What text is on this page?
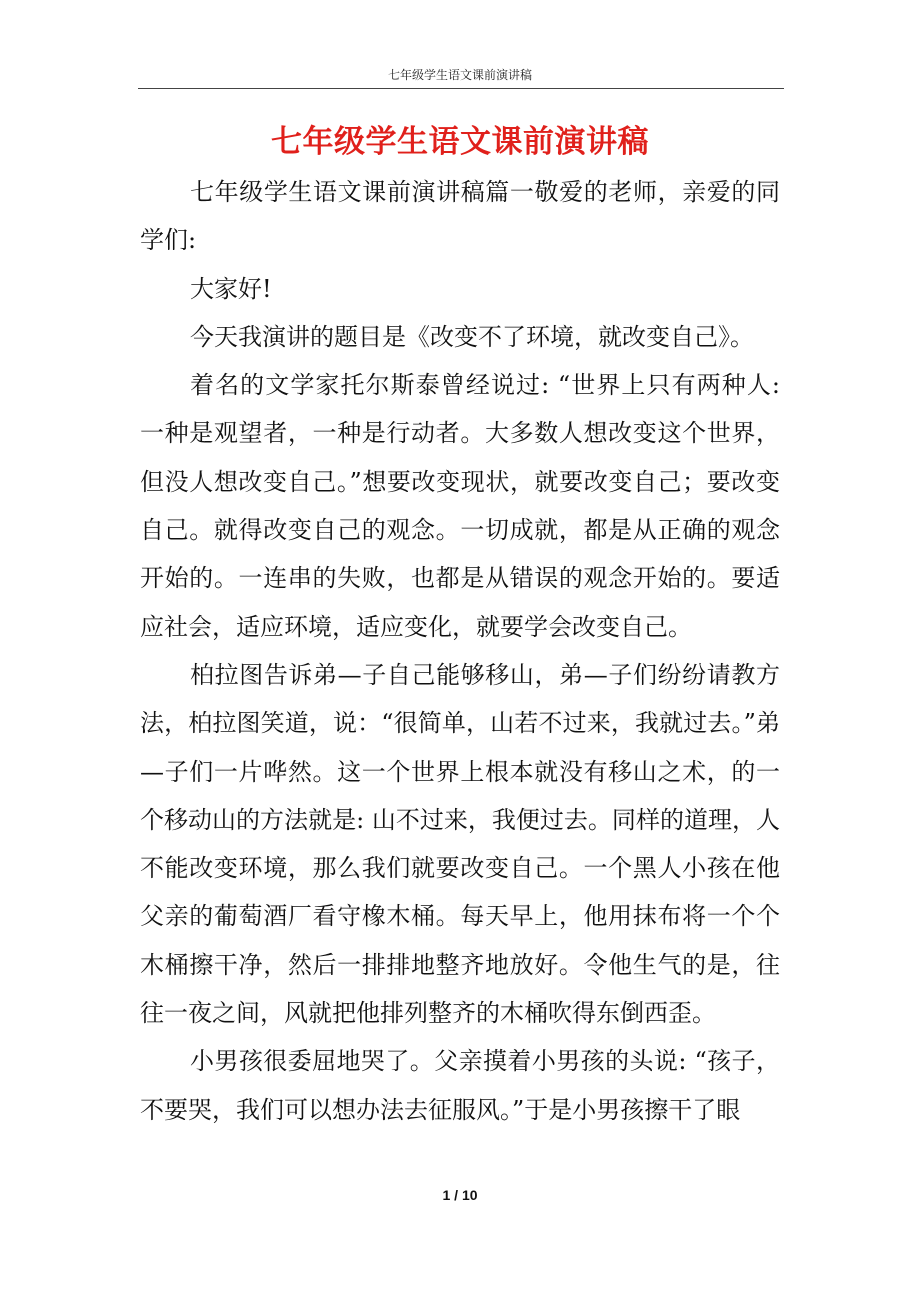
七年级学生语文课前演讲稿
七年级学生语文课前演讲稿

七年级学生语文课前演讲稿篇一敬爱的老师，亲爱的同学们:

大家好!

今天我演讲的题目是《改变不了环境，就改变自己》。

着名的文学家托尔斯泰曾经说过: “世界上只有两种人: 一种是观望者，一种是行动者。大多数人想改变这个世界，但没人想改变自己。”想要改变现状，就要改变自己；要改变自己。就得改变自己的观念。一切成就，都是从正确的观念开始的。一连串的失败，也都是从错误的观念开始的。要适应社会，适应环境，适应变化，就要学会改变自己。

柏拉图告诉弟—子自己能够移山，弟—子们纷纷请教方法，柏拉图笑道，说：“很简单，山若不过来，我就过去。”弟—子们一片哗然。这一个世界上根本就没有移山之术，的一个移动山的方法就是: 山不过来，我便过去。同样的道理，人不能改变环境，那么我们就要改变自己。一个黑人小孩在他父亲的葡萄酒厂看守橡木桶。每天早上，他用抹布将一个个木桶擦干净，然后一排排地整齐地放好。令他生气的是，往往一夜之间，风就把他排列整齐的木桶吹得东倒西歪。

小男孩很委屈地哭了。父亲摸着小男孩的头说: “孩子，不要哭，我们可以想办法去征服风。”于是小男孩擦干了眼

1 / 10
